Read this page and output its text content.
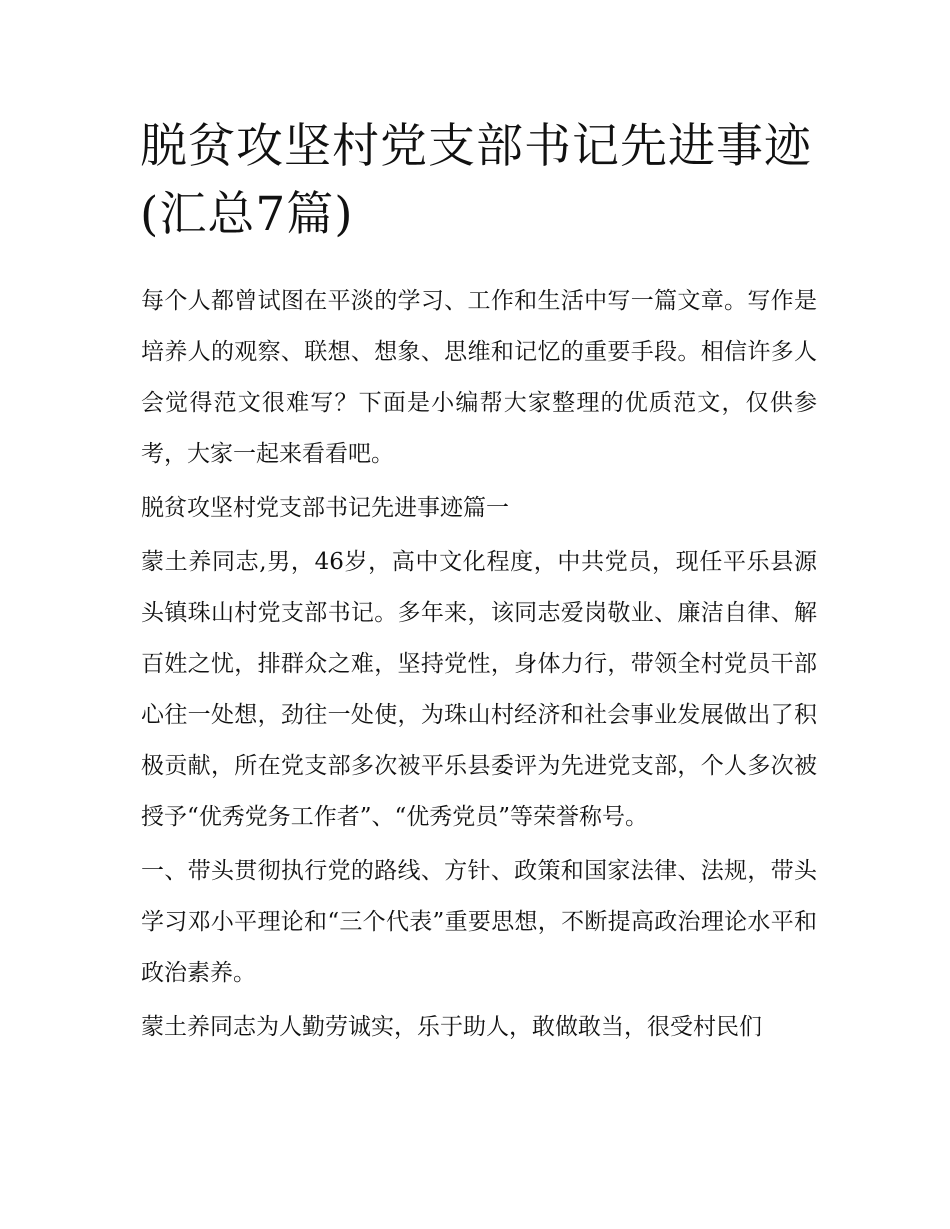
脱贫攻坚村党支部书记先进事迹(汇总7篇)

每个人都曾试图在平淡的学习、工作和生活中写一篇文章。写作是培养人的观察、联想、想象、思维和记忆的重要手段。相信许多人会觉得范文很难写？下面是小编帮大家整理的优质范文，仅供参考，大家一起来看看吧。

脱贫攻坚村党支部书记先进事迹篇一

蒙土养同志,男，46岁，高中文化程度，中共党员，现任平乐县源头镇珠山村党支部书记。多年来，该同志爱岗敬业、廉洁自律、解百姓之忧，排群众之难，坚持党性，身体力行，带领全村党员干部心往一处想，劲往一处使，为珠山村经济和社会事业发展做出了积极贡献，所在党支部多次被平乐县委评为先进党支部，个人多次被授予“优秀党务工作者”、“优秀党员”等荣誉称号。

一、带头贯彻执行党的路线、方针、政策和国家法律、法规，带头学习邓小平理论和“三个代表”重要思想，不断提高政治理论水平和政治素养。

蒙土养同志为人勤劳诚实，乐于助人，敢做敢当，很受村民们
